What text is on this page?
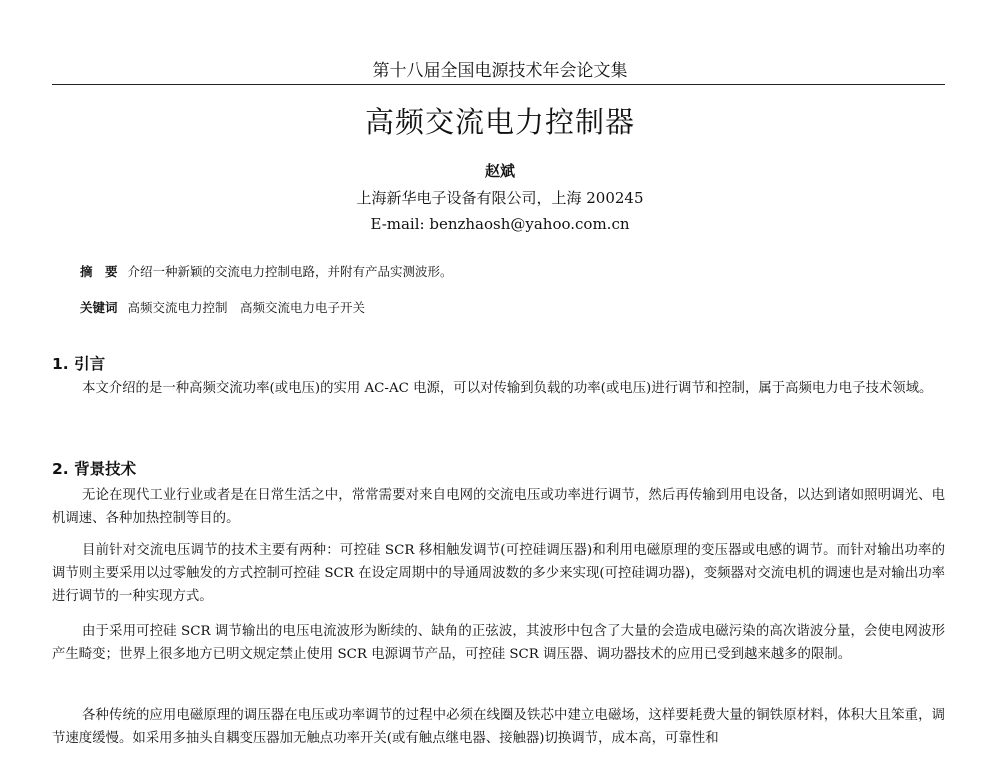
第十八届全国电源技术年会论文集
高频交流电力控制器
赵斌
上海新华电子设备有限公司，上海 200245
E-mail: benzhaosh@yahoo.com.cn
摘　要 介绍一种新颖的交流电力控制电路，并附有产品实测波形。
关键词 高频交流电力控制　高频交流电力电子开关
1. 引言
本文介绍的是一种高频交流功率(或电压)的实用 AC-AC 电源，可以对传输到负载的功率(或电压)进行调节和控制，属于高频电力电子技术领域。
2. 背景技术
无论在现代工业行业或者是在日常生活之中，常常需要对来自电网的交流电压或功率进行调节，然后再传输到用电设备，以达到诸如照明调光、电机调速、各种加热控制等目的。
目前针对交流电压调节的技术主要有两种：可控硅 SCR 移相触发调节(可控硅调压器)和利用电磁原理的变压器或电感的调节。而针对输出功率的调节则主要采用以过零触发的方式控制可控硅 SCR 在设定周期中的导通周波数的多少来实现(可控硅调功器)，变频器对交流电机的调速也是对输出功率进行调节的一种实现方式。
由于采用可控硅 SCR 调节输出的电压电流波形为断续的、缺角的正弦波，其波形中包含了大量的会造成电磁污染的高次谐波分量，会使电网波形产生畸变；世界上很多地方已明文规定禁止使用 SCR 电源调节产品，可控硅 SCR 调压器、调功器技术的应用已受到越来越多的限制。
各种传统的应用电磁原理的调压器在电压或功率调节的过程中必须在线圈及铁芯中建立电磁场，这样要耗费大量的铜铁原材料，体积大且笨重，调节速度缓慢。如采用多抽头自耦变压器加无触点功率开关(或有触点继电器、接触器)切换调节，成本高，可靠性和
